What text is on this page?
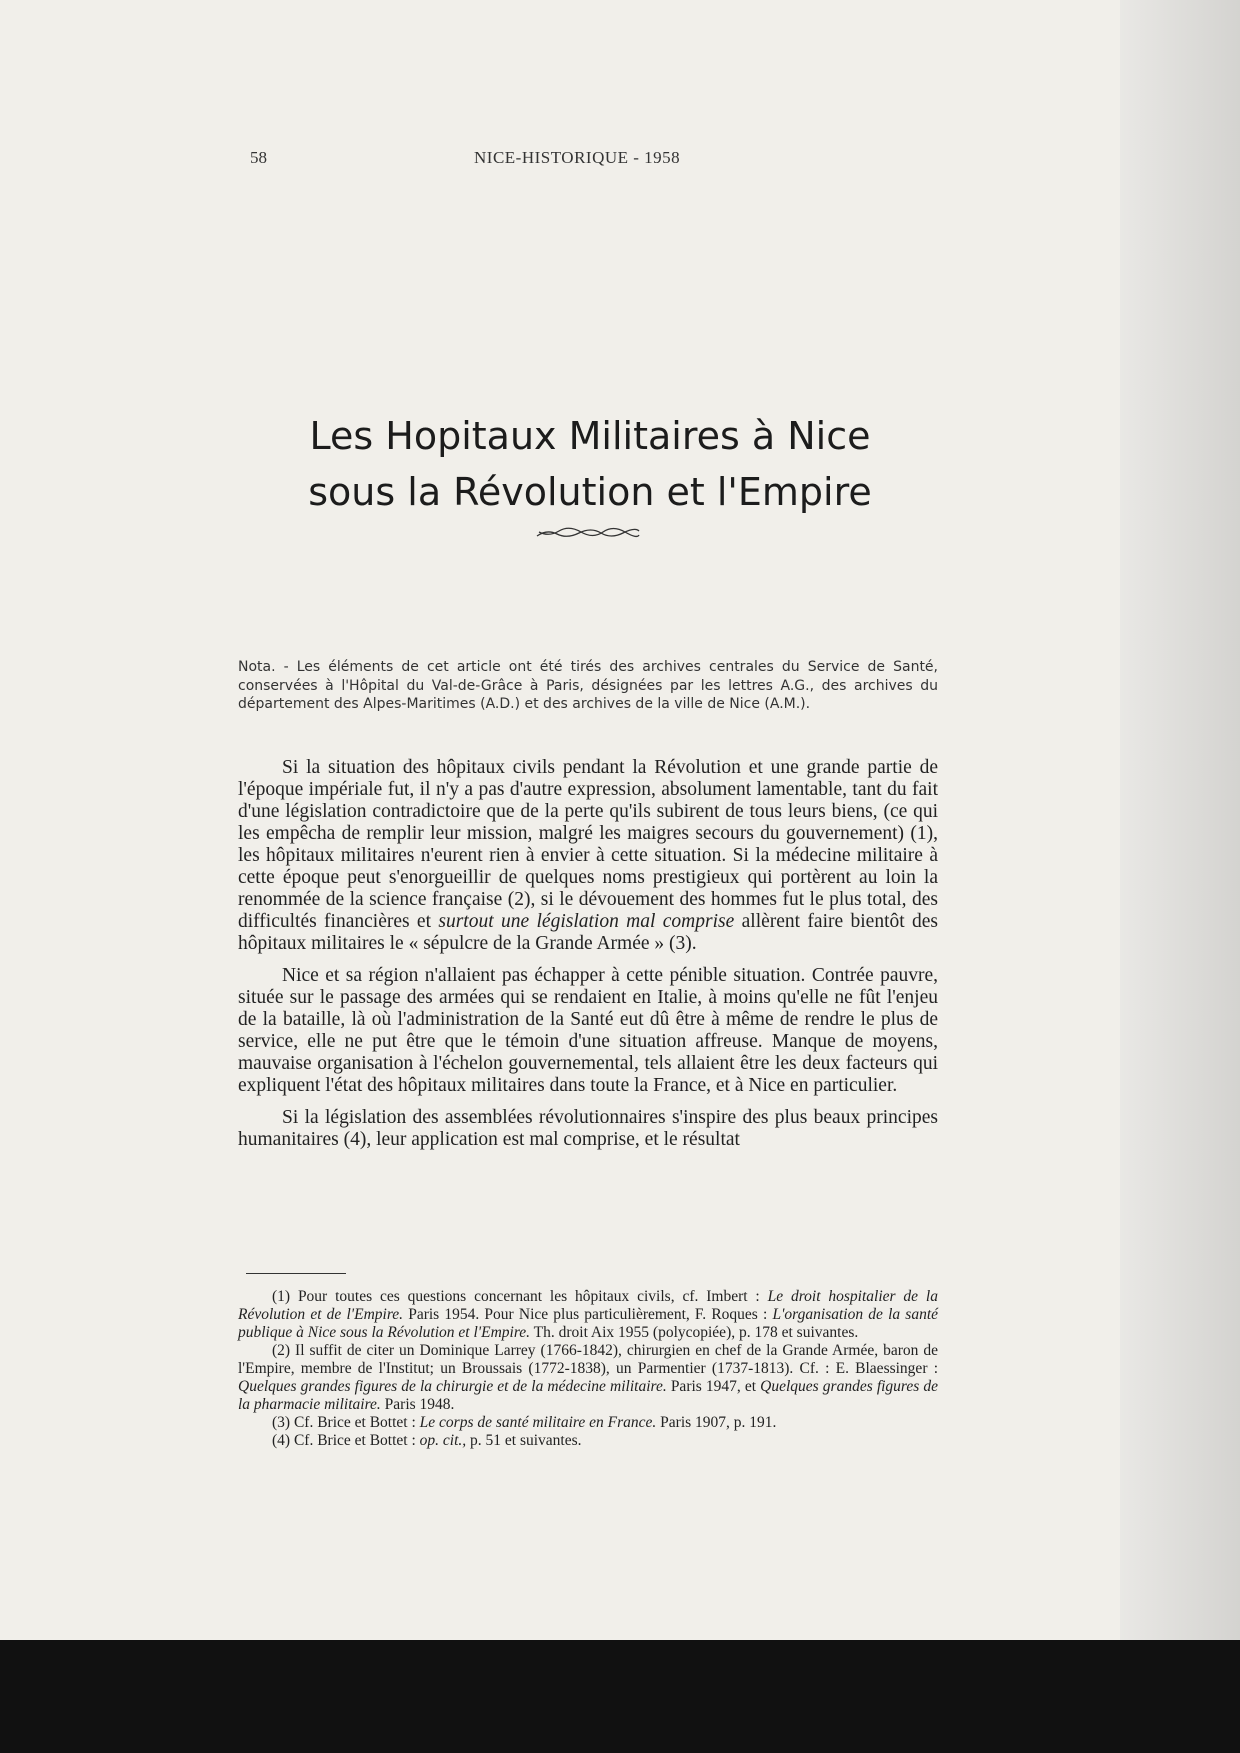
58	NICE-HISTORIQUE - 1958
Les Hopitaux Militaires à Nice
sous la Révolution et l'Empire
Nota. - Les éléments de cet article ont été tirés des archives centrales du Service de Santé, conservées à l'Hôpital du Val-de-Grâce à Paris, désignées par les lettres A.G., des archives du département des Alpes-Maritimes (A.D.) et des archives de la ville de Nice (A.M.).

Si la situation des hôpitaux civils pendant la Révolution et une grande partie de l'époque impériale fut, il n'y a pas d'autre expression, absolument lamentable, tant du fait d'une législation contradictoire que de la perte qu'ils subirent de tous leurs biens, (ce qui les empêcha de remplir leur mission, malgré les maigres secours du gouvernement) (1), les hôpitaux militaires n'eurent rien à envier à cette situation. Si la médecine militaire à cette époque peut s'enorgueillir de quelques noms prestigieux qui portèrent au loin la renommée de la science française (2), si le dévouement des hommes fut le plus total, des difficultés financières et surtout une législation mal comprise allèrent faire bientôt des hôpitaux militaires le « sépulcre de la Grande Armée » (3).

Nice et sa région n'allaient pas échapper à cette pénible situation. Contrée pauvre, située sur le passage des armées qui se rendaient en Italie, à moins qu'elle ne fût l'enjeu de la bataille, là où l'administration de la Santé eut dû être à même de rendre le plus de service, elle ne put être que le témoin d'une situation affreuse. Manque de moyens, mauvaise organisation à l'échelon gouvernemental, tels allaient être les deux facteurs qui expliquent l'état des hôpitaux militaires dans toute la France, et à Nice en particulier.

Si la législation des assemblées révolutionnaires s'inspire des plus beaux principes humanitaires (4), leur application est mal comprise, et le résultat

(1) Pour toutes ces questions concernant les hôpitaux civils, cf. Imbert : Le droit hospitalier de la Révolution et de l'Empire. Paris 1954. Pour Nice plus particulièrement, F. Roques : L'organisation de la santé publique à Nice sous la Révolution et l'Empire. Th. droit Aix 1955 (polycopiée), p. 178 et suivantes.

(2) Il suffit de citer un Dominique Larrey (1766-1842), chirurgien en chef de la Grande Armée, baron de l'Empire, membre de l'Institut; un Broussais (1772-1838), un Parmentier (1737-1813). Cf. : E. Blaessinger : Quelques grandes figures de la chirurgie et de la médecine militaire. Paris 1947, et Quelques grandes figures de la pharmacie militaire. Paris 1948.

(3) Cf. Brice et Bottet : Le corps de santé militaire en France. Paris 1907, p. 191.

(4) Cf. Brice et Bottet : op. cit., p. 51 et suivantes.
